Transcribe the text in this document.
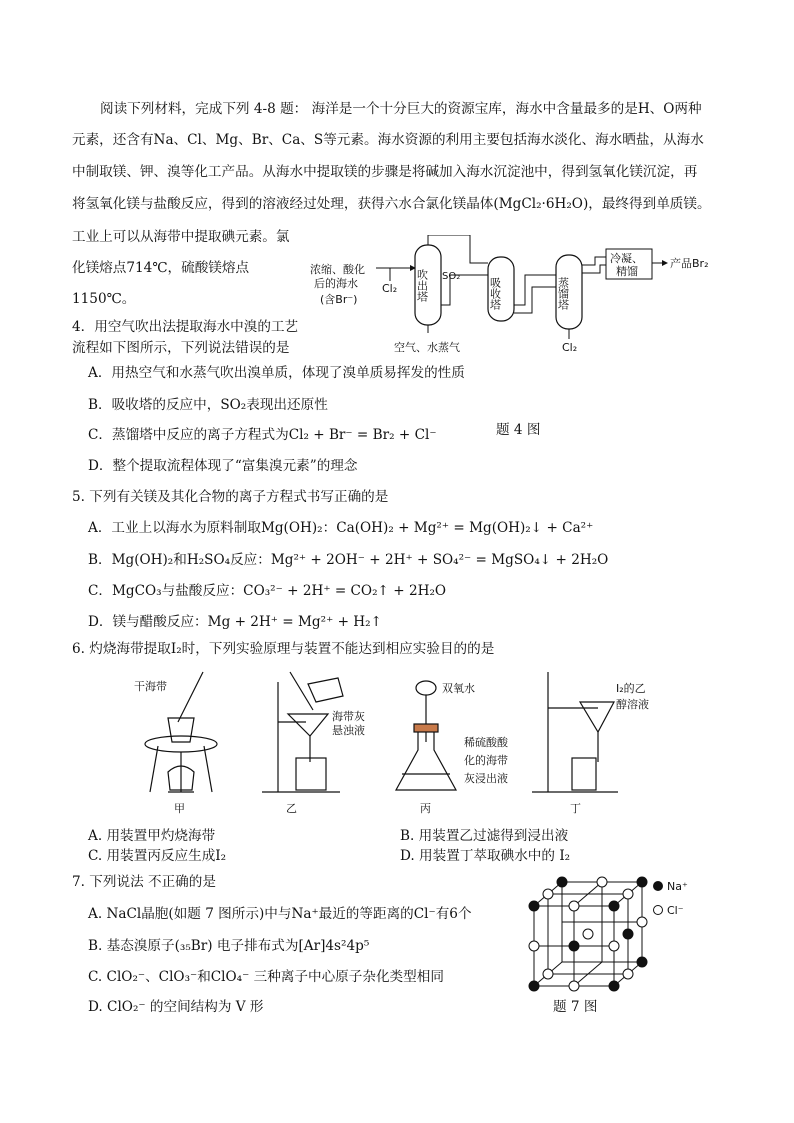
阅读下列材料，完成下列 4-8 题： 海洋是一个十分巨大的资源宝库，海水中含量最多的是H、O两种
元素，还含有Na、Cl、Mg、Br、Ca、S等元素。海水资源的利用主要包括海水淡化、海水晒盐，从海水
中制取镁、钾、溴等化工产品。从海水中提取镁的步骤是将碱加入海水沉淀池中，得到氢氧化镁沉淀，再
将氢氧化镁与盐酸反应，得到的溶液经过处理，获得六水合氯化镁晶体(MgCl₂·6H₂O)，最终得到单质镁。
工业上可以从海带中提取碘元素。氯
化镁熔点714℃，硫酸镁熔点
1150℃。
4．用空气吹出法提取海水中溴的工艺
流程如下图所示，下列说法错误的是
A．用热空气和水蒸气吹出溴单质，体现了溴单质易挥发的性质
B．吸收塔的反应中，SO₂表现出还原性
C．蒸馏塔中反应的离子方程式为Cl₂ + Br⁻ = Br₂ + Cl⁻	题 4 图
D．整个提取流程体现了“富集溴元素”的理念
浓缩、酸化
后的海水
(含Br⁻)
Cl₂ 吹出塔 SO₂
吸收塔	蒸馏塔
冷凝、
精馏
产品Br₂
空气、水蒸气	Cl₂
5. 下列有关镁及其化合物的离子方程式书写正确的是
A．工业上以海水为原料制取Mg(OH)₂：Ca(OH)₂ + Mg²⁺ = Mg(OH)₂↓ + Ca²⁺
B．Mg(OH)₂和H₂SO₄反应：Mg²⁺ + 2OH⁻ + 2H⁺ + SO₄²⁻ = MgSO₄↓ + 2H₂O
C．MgCO₃与盐酸反应：CO₃²⁻ + 2H⁺ = CO₂↑ + 2H₂O
D．镁与醋酸反应：Mg + 2H⁺ = Mg²⁺ + H₂↑
6. 灼烧海带提取I₂时，下列实验原理与装置不能达到相应实验目的的是
干海带
海带灰
悬浊液
双氧水
稀硫酸酸
化的海带
灰浸出液
I₂的乙
醇溶液
甲	乙	丙	丁
A. 用装置甲灼烧海带	B. 用装置乙过滤得到浸出液
C. 用装置丙反应生成I₂	D. 用装置丁萃取碘水中的 I₂
7. 下列说法 不正确的是
A. NaCl晶胞(如题 7 图所示)中与Na⁺最近的等距离的Cl⁻有6个
B. 基态溴原子(₃₅Br) 电子排布式为[Ar]4s²4p⁵
C. ClO₂⁻、ClO₃⁻和ClO₄⁻ 三种离子中心原子杂化类型相同
D. ClO₂⁻ 的空间结构为 V 形
Na⁺
Cl⁻
题 7 图
